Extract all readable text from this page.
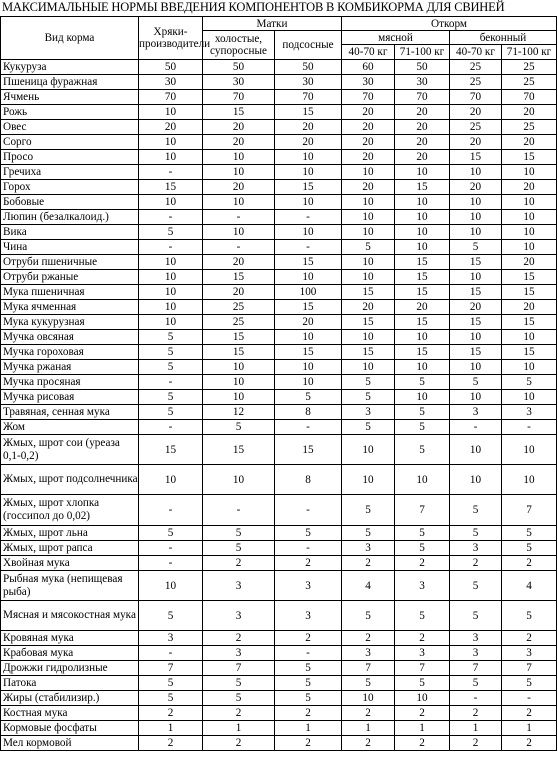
МАКСИМАЛЬНЫЕ НОРМЫ ВВЕДЕНИЯ КОМПОНЕНТОВ В КОМБИКОРМА ДЛЯ СВИНЕЙ
Вид корма	Хряки-производители	Матки		Откорм			
		холостые, супоросные	подсосные	мясной		беконный	
				40-70 кг	71-100 кг	40-70 кг	71-100 кг
Кукуруза	50	50	50	60	50	25	25
Пшеница фуражная	30	30	30	30	30	25	25
Ячмень	70	70	70	70	70	70	70
Рожь	10	15	15	20	20	20	20
Овес	20	20	20	20	20	25	25
Сорго	10	20	20	20	20	20	20
Просо	10	10	10	20	20	15	15
Гречиха	-	10	10	10	10	10	10
Горох	15	20	15	20	15	20	20
Бобовые	10	10	10	10	10	10	10
Люпин (безалкалоид.)	-	-	-	10	10	10	10
Вика	5	10	10	10	10	10	10
Чина	-	-	-	5	10	5	10
Отруби пшеничные	10	20	15	10	15	15	20
Отруби ржаные	10	15	10	10	15	10	15
Мука пшеничная	10	20	100	15	15	15	15
Мука ячменная	10	25	15	20	20	20	20
Мука кукурузная	10	25	20	15	15	15	15
Мучка овсяная	5	15	10	10	10	10	10
Мучка гороховая	5	15	15	15	15	15	15
Мучка ржаная	5	10	10	10	10	10	10
Мучка просяная	-	10	10	5	5	5	5
Мучка рисовая	5	10	5	5	10	10	10
Травяная, сенная мука	5	12	8	3	5	3	3
Жом	-	5	-	5	5	-	-
Жмых, шрот сои (уреаза 0,1-0,2)	15	15	15	10	5	10	10
Жмых, шрот подсолнечника	10	10	8	10	10	10	10
Жмых, шрот хлопка (госсипол до 0,02)	-	-	-	5	7	5	7
Жмых, шрот льна	5	5	5	5	5	5	5
Жмых, шрот рапса	-	5	-	3	5	3	5
Хвойная мука	-	2	2	2	2	2	2
Рыбная мука (непищевая рыба)	10	3	3	4	3	5	4
Мясная и мясокостная мука	5	3	3	5	5	5	5
Кровяная мука	3	2	2	2	2	3	2
Крабовая мука	-	3	-	3	3	3	3
Дрожжи гидролизные	7	7	5	7	7	7	7
Патока	5	5	5	5	5	5	5
Жиры (стабилизир.)	5	5	5	10	10	-	-
Костная мука	2	2	2	2	2	2	2
Кормовые фосфаты	1	1	1	1	1	1	1
Мел кормовой	2	2	2	2	2	2	2
